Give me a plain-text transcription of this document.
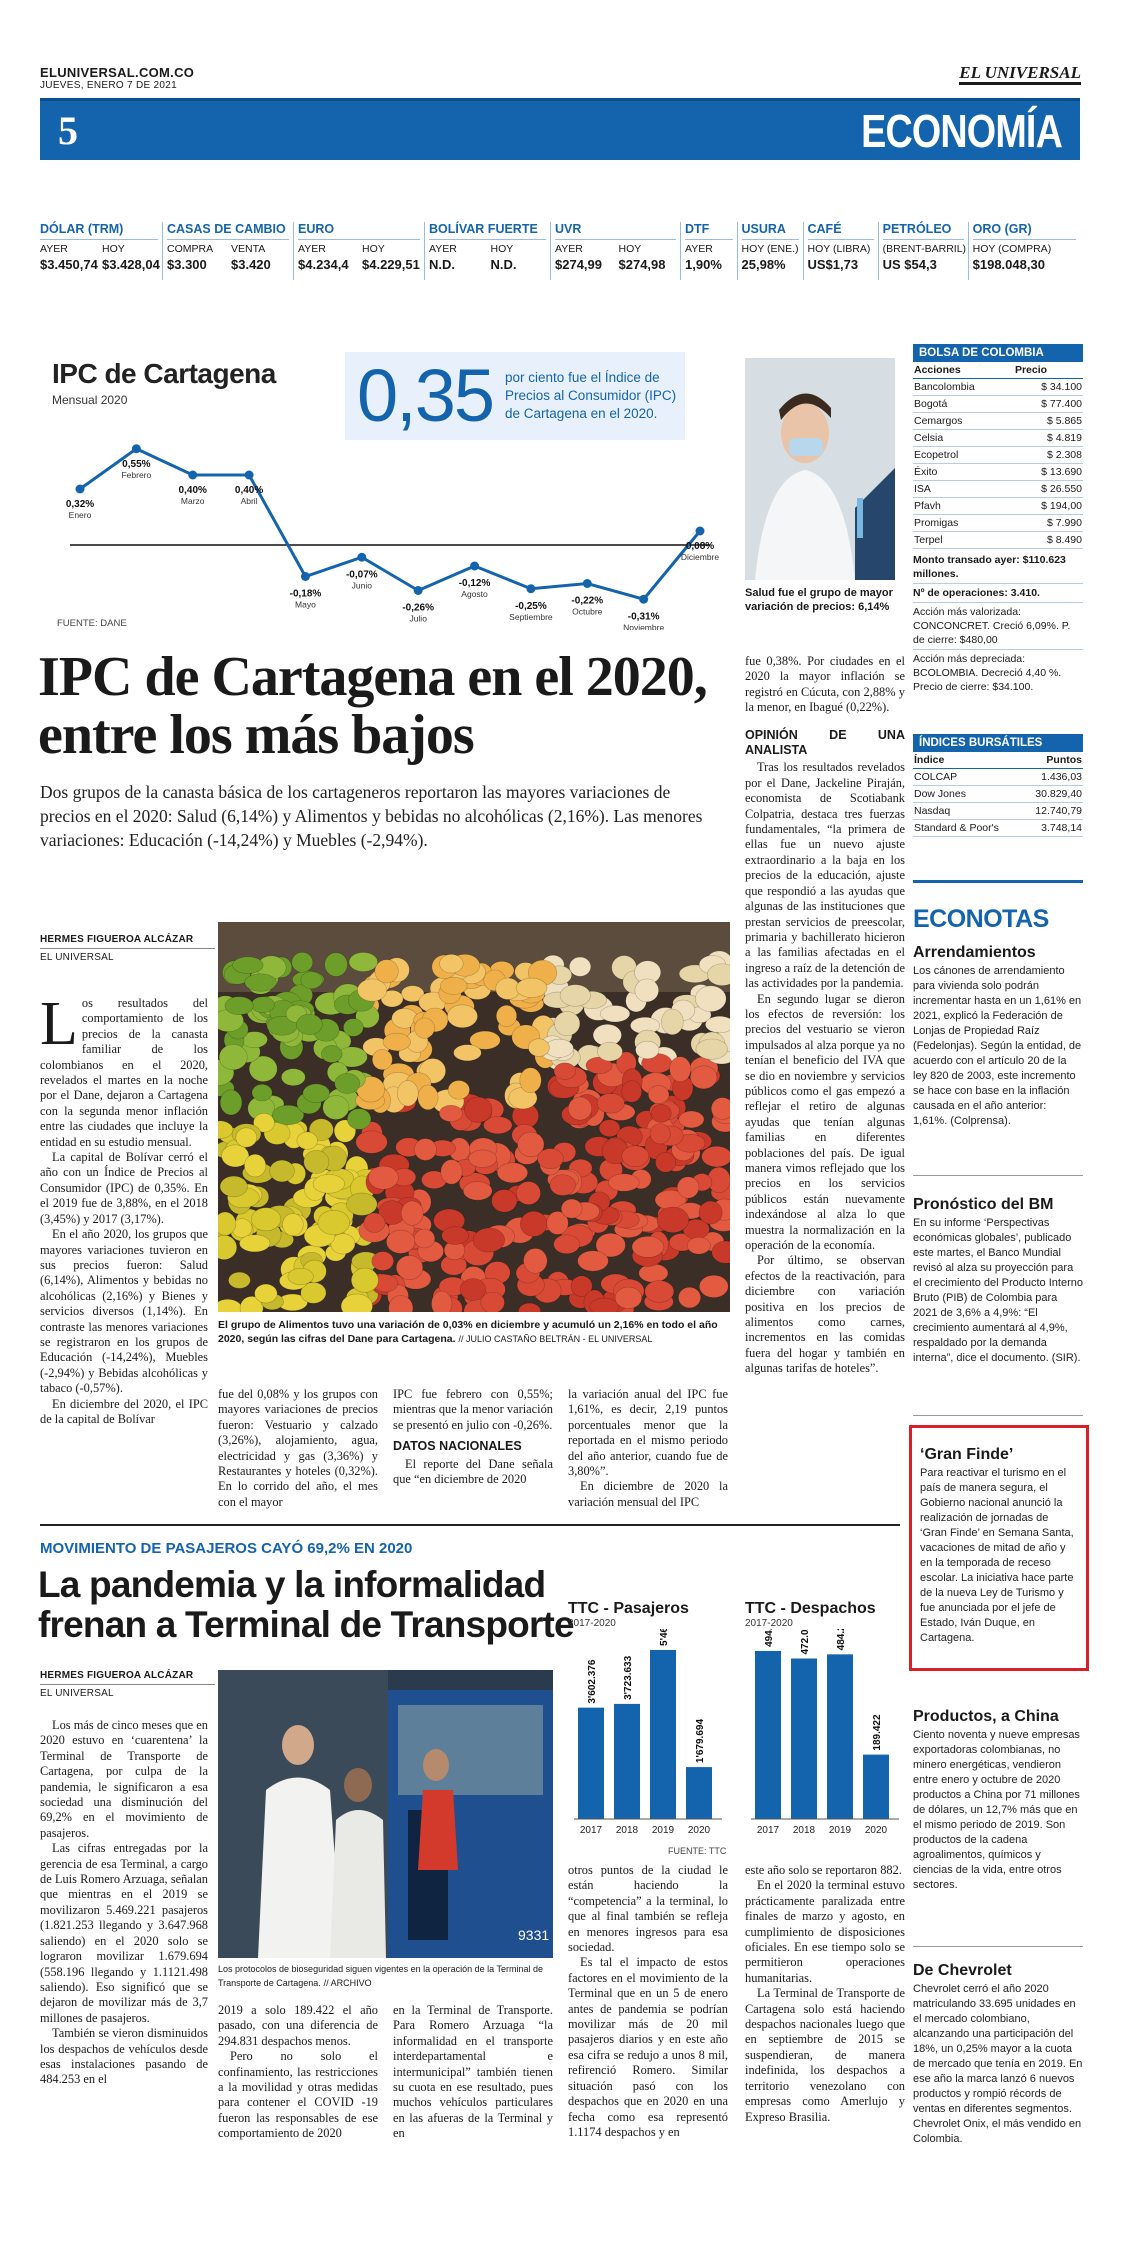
ELUNIVERSAL.COM.CO
JUEVES, ENERO 7 DE 2021
EL UNIVERSAL
5	ECONOMÍA
DÓLAR (TRM)
AYER	HOY
$3.450,74 $3.428,04
CASAS DE CAMBIO
COMPRA	VENTA
$3.300	$3.420
EURO
AYER	HOY
$4.234,4	$4.229,51
BOLÍVAR FUERTE
AYER	HOY
N.D.	N.D.
UVR
AYER	HOY
$274,99	$274,98
DTF
AYER
1,90%
USURA
HOY (ENE.)
25,98%
CAFÉ
HOY (LIBRA)
US$1,73
PETRÓLEO
(BRENT-BARRIL)
US $54,3
ORO (GR)
HOY (COMPRA)
$198.048,30
IPC de Cartagena
Mensual 2020	0,35 por ciento fue el Índice de Precios al Consumidor (IPC) de Cartagena en el 2020.
0,32%
Enero
0,55%
Febrero
0,40%
Marzo
0,40%
Abril
-0,18%
Mayo
-0,07%
Junio
-0,26%
Julio
-0,12%
Agosto
-0,25%
Septiembre
-0,22%
Octubre	-0,31%
Noviembre
0,08%
Diciembre
FUENTE: DANE
Salud fue el grupo de mayor variación de precios: 6,14%
IPC de Cartagena en el 2020, entre los más bajos
Dos grupos de la canasta básica de los cartageneros reportaron las mayores variaciones de precios en el 2020: Salud (6,14%) y Alimentos y bebidas no alcohólicas (2,16%). Las menores variaciones: Educación (-14,24%) y Muebles (-2,94%).
HERMES FIGUEROA ALCÁZAR
EL UNIVERSAL
L os resultados del comportamiento de los precios de la canasta familiar de los colombianos en el 2020, revelados el martes en la noche por el Dane, dejaron a Cartagena con la segunda menor inflación entre las ciudades que incluye la entidad en su estudio mensual.

La capital de Bolívar cerró el año con un Índice de Precios al Consumidor (IPC) de 0,35%. En el 2019 fue de 3,88%, en el 2018 (3,45%) y 2017 (3,17%).

En el año 2020, los grupos que mayores variaciones tuvieron en sus precios fueron: Salud (6,14%), Alimentos y bebidas no alcohólicas (2,16%) y Bienes y servicios diversos (1,14%). En contraste las menores variaciones se registraron en los grupos de Educación (-14,24%), Muebles (-2,94%) y Bebidas alcohólicas y tabaco (-0,57%).

En diciembre del 2020, el IPC de la capital de Bolívar

El grupo de Alimentos tuvo una variación de 0,03% en diciembre y acumuló un 2,16% en todo el año 2020, según las cifras del Dane para Cartagena. // JULIO CASTAÑO BELTRÁN - EL UNIVERSAL
fue del 0,08% y los grupos con mayores variaciones de precios fueron: Vestuario y calzado (3,26%), alojamiento, agua, electricidad y gas (3,36%) y Restaurantes y hoteles (0,32%). En lo corrido del año, el mes con el mayor
IPC fue febrero con 0,55%; mientras que la menor variación se presentó en julio con -0,26%.
DATOS NACIONALES

El reporte del Dane señala que “en diciembre de 2020

la variación anual del IPC fue 1,61%, es decir, 2,19 puntos porcentuales menor que la reportada en el mismo periodo del año anterior, cuando fue de 3,80%”.

En diciembre de 2020 la variación mensual del IPC

fue 0,38%. Por ciudades en el 2020 la mayor inflación se registró en Cúcuta, con 2,88% y la menor, en Ibagué (0,22%).
OPINIÓN DE UNA ANALISTA

Tras los resultados revelados por el Dane, Jackeline Piraján, economista de Scotiabank Colpatria, destaca tres fuerzas fundamentales, “la primera de ellas fue un nuevo ajuste extraordinario a la baja en los precios de la educación, ajuste que respondió a las ayudas que algunas de las instituciones que prestan servicios de preescolar, primaria y bachillerato hicieron a las familias afectadas en el ingreso a raíz de la detención de las actividades por la pandemia.

En segundo lugar se dieron los efectos de reversión: los precios del vestuario se vieron impulsados al alza porque ya no tenían el beneficio del IVA que se dio en noviembre y servicios públicos como el gas empezó a reflejar el retiro de algunas ayudas que tenían algunas familias en diferentes poblaciones del país. De igual manera vimos reflejado que los precios en los servicios públicos están nuevamente indexándose al alza lo que muestra la normalización en la operación de la economía.

Por último, se observan efectos de la reactivación, para diciembre con variación positiva en los precios de alimentos como carnes, incrementos en las comidas fuera del hogar y también en algunas tarifas de hoteles”.

BOLSA DE COLOMBIA
Acciones	Precio
Bancolombia	$ 34.100
Bogotá	$ 77.400
Cemargos	$ 5.865
Celsia	$ 4.819
Ecopetrol	$ 2.308
Éxito	$ 13.690
ISA	$ 26.550
Pfavh	$ 194,00
Promigas	$ 7.990
Terpel	$ 8.490
Monto transado ayer: $110.623 millones.
Nº de operaciones: 3.410.
Acción más valorizada: CONCONCRET. Creció 6,09%. P. de cierre: $480,00
Acción más depreciada: BCOLOMBIA. Decreció 4,40 %. Precio de cierre: $34.100.
ÍNDICES BURSÁTILES
Índice	Puntos
COLCAP	1.436,03
Dow Jones	30.829,40
Nasdaq	12.740,79
Standard & Poor's	3.748,14
ECONOTAS
Arrendamientos
Los cánones de arrendamiento para vivienda solo podrán incrementar hasta en un 1,61% en 2021, explicó la Federación de Lonjas de Propiedad Raíz (Fedelonjas). Según la entidad, de acuerdo con el artículo 20 de la ley 820 de 2003, este incremento se hace con base en la inflación causada en el año anterior: 1,61%. (Colprensa).
Pronóstico del BM
En su informe ‘Perspectivas económicas globales’, publicado este martes, el Banco Mundial revisó al alza su proyección para el crecimiento del Producto Interno Bruto (PIB) de Colombia para 2021 de 3,6% a 4,9%: “El crecimiento aumentará al 4,9%, respaldado por la demanda interna”, dice el documento. (SIR).
‘Gran Finde’
Para reactivar el turismo en el país de manera segura, el Gobierno nacional anunció la realización de jornadas de ‘Gran Finde’ en Semana Santa, vacaciones de mitad de año y en la temporada de receso escolar. La iniciativa hace parte de la nueva Ley de Turismo y fue anunciada por el jefe de Estado, Iván Duque, en Cartagena.
Productos, a China
Ciento noventa y nueve empresas exportadoras colombianas, no minero energéticas, vendieron entre enero y octubre de 2020 productos a China por 71 millones de dólares, un 12,7% más que en el mismo periodo de 2019. Son productos de la cadena agroalimentos, químicos y ciencias de la vida, entre otros sectores.
De Chevrolet
Chevrolet cerró el año 2020 matriculando 33.695 unidades en el mercado colombiano, alcanzando una participación del 18%, un 0,25% mayor a la cuota de mercado que tenía en 2019. En ese año la marca lanzó 6 nuevos productos y rompió récords de ventas en diferentes segmentos. Chevrolet Onix, el más vendido en Colombia.
MOVIMIENTO DE PASAJEROS CAYÓ 69,2% EN 2020
La pandemia y la informalidad frenan a Terminal de Transporte
HERMES FIGUEROA ALCÁZAR
EL UNIVERSAL

Los más de cinco meses que en 2020 estuvo en ‘cuarentena’ la Terminal de Transporte de Cartagena, por culpa de la pandemia, le significaron a esa sociedad una disminución del 69,2% en el movimiento de pasajeros.

Las cifras entregadas por la gerencia de esa Terminal, a cargo de Luis Romero Arzuaga, señalan que mientras en el 2019 se movilizaron 5.469.221 pasajeros (1.821.253 llegando y 3.647.968 saliendo) en el 2020 solo se lograron movilizar 1.679.694 (558.196 llegando y 1.1121.498 saliendo). Eso significó que se dejaron de movilizar más de 3,7 millones de pasajeros.

También se vieron disminuidos los despachos de vehículos desde esas instalaciones pasando de 484.253 en el

9331
Los protocolos de bioseguridad siguen vigentes en la operación de la Terminal de Transporte de Cartagena. // ARCHIVO
2019 a solo 189.422 el año pasado, con una diferencia de 294.831 despachos menos.

Pero no solo el confinamiento, las restricciones a la movilidad y otras medidas para contener el COVID -19 fueron las responsables de ese comportamiento de 2020

en la Terminal de Transporte. Para Romero Arzuaga “la informalidad en el transporte interdepartamental e intermunicipal” también tienen su cuota en ese resultado, pues muchos vehículos particulares en las afueras de la Terminal y en
otros puntos de la ciudad le están haciendo la “competencia” a la terminal, lo que al final también se refleja en menores ingresos para esa sociedad.

Es tal el impacto de estos factores en el movimiento de la Terminal que en un 5 de enero antes de pandemia se podrían movilizar más de 20 mil pasajeros diarios y en este año esa cifra se redujo a unos 8 mil, refirenció Romero. Similar situación pasó con los despachos que en 2020 en una fecha como esa representó 1.1174 despachos y en

este año solo se reportaron 882.

En el 2020 la terminal estuvo prácticamente paralizada entre finales de marzo y agosto, en cumplimiento de disposiciones oficiales. En ese tiempo solo se permitieron operaciones humanitarias.

La Terminal de Transporte de Cartagena solo está haciendo despachos nacionales luego que en septiembre de 2015 se suspendieran, de manera indefinida, los despachos a territorio venezolano con empresas como Amerlujo y Expreso Brasilia.

TTC - Pasajeros
2017-2020
3'602.376
2017
3'723.633
2018 2019
1'679.694
2020
TTC - Despachos
2017-2020
2017
472.028
2018
484.253
2019
189.422
2020
FUENTE: TTC
